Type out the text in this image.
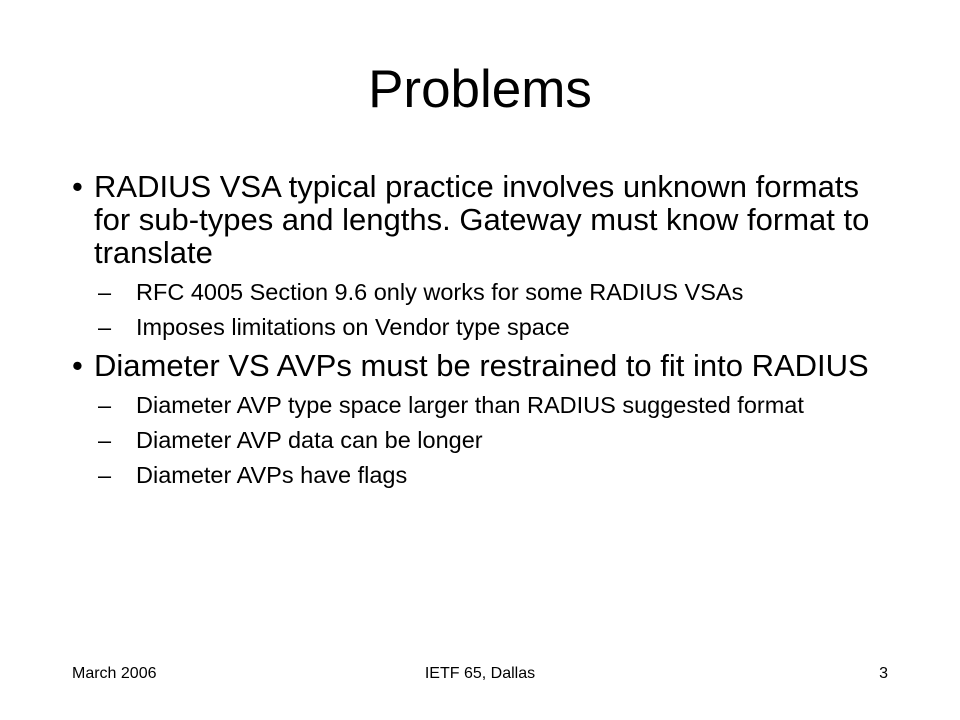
Problems
• RADIUS VSA typical practice involves unknown formats for sub-types and lengths. Gateway must know format to translate
–	RFC 4005 Section 9.6 only works for some RADIUS VSAs
–	Imposes limitations on Vendor type space
• Diameter VS AVPs must be restrained to fit into RADIUS
–	Diameter AVP type space larger than RADIUS suggested format
–	Diameter AVP data can be longer
–	Diameter AVPs have flags
March 2006	IETF 65, Dallas	3
